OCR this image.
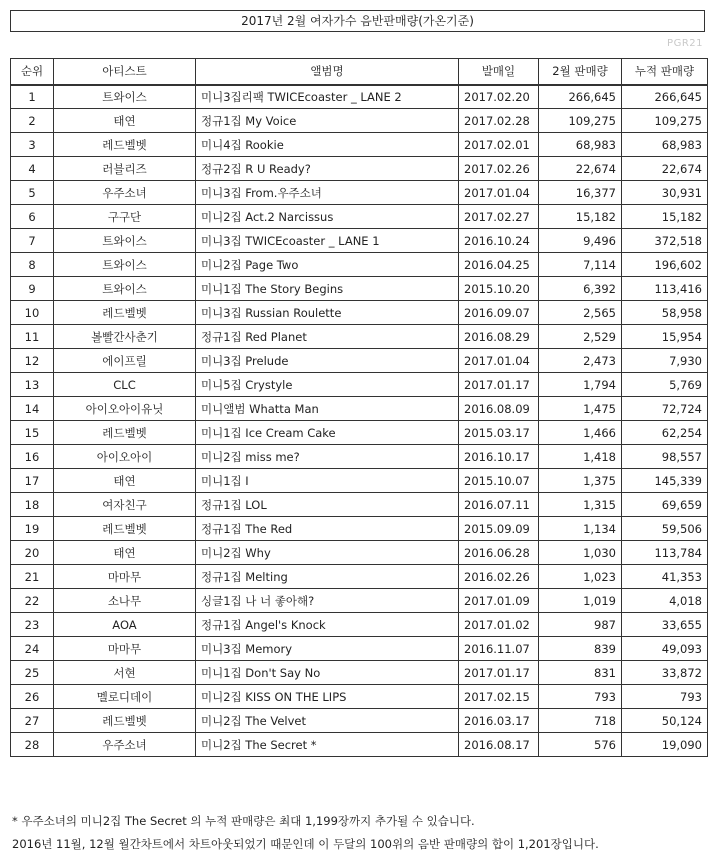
2017년 2월 여자가수 음반판매량(가온기준)
PGR21
순위	아티스트	앨범명	발매일	2월 판매량	누적 판매량
1	트와이스	미니3집리팩 TWICEcoaster _ LANE 2	2017.02.20	266,645	266,645
2	태연	정규1집 My Voice	2017.02.28	109,275	109,275
3	레드벨벳	미니4집 Rookie	2017.02.01	68,983	68,983
4	러블리즈	정규2집 R U Ready?	2017.02.26	22,674	22,674
5	우주소녀	미니3집 From.우주소녀	2017.01.04	16,377	30,931
6	구구단	미니2집 Act.2 Narcissus	2017.02.27	15,182	15,182
7	트와이스	미니3집 TWICEcoaster _ LANE 1	2016.10.24	9,496	372,518
8	트와이스	미니2집 Page Two	2016.04.25	7,114	196,602
9	트와이스	미니1집 The Story Begins	2015.10.20	6,392	113,416
10	레드벨벳	미니3집 Russian Roulette	2016.09.07	2,565	58,958
11	볼빨간사춘기	정규1집 Red Planet	2016.08.29	2,529	15,954
12	에이프릴	미니3집 Prelude	2017.01.04	2,473	7,930
13	CLC	미니5집 Crystyle	2017.01.17	1,794	5,769
14	아이오아이유닛	미니앨범 Whatta Man	2016.08.09	1,475	72,724
15	레드벨벳	미니1집 Ice Cream Cake	2015.03.17	1,466	62,254
16	아이오아이	미니2집 miss me?	2016.10.17	1,418	98,557
17	태연	미니1집 I	2015.10.07	1,375	145,339
18	여자친구	정규1집 LOL	2016.07.11	1,315	69,659
19	레드벨벳	정규1집 The Red	2015.09.09	1,134	59,506
20	태연	미니2집 Why	2016.06.28	1,030	113,784
21	마마무	정규1집 Melting	2016.02.26	1,023	41,353
22	소나무	싱글1집 나 너 좋아해?	2017.01.09	1,019	4,018
23	AOA	정규1집 Angel's Knock	2017.01.02	987	33,655
24	마마무	미니3집 Memory	2016.11.07	839	49,093
25	서현	미니1집 Don't Say No	2017.01.17	831	33,872
26	멜로디데이	미니2집 KISS ON THE LIPS	2017.02.15	793	793
27	레드벨벳	미니2집 The Velvet	2016.03.17	718	50,124
28	우주소녀	미니2집 The Secret *	2016.08.17	576	19,090
* 우주소녀의 미니2집 The Secret 의 누적 판매량은 최대 1,199장까지 추가될 수 있습니다.
2016년 11월, 12월 월간차트에서 차트아웃되었기 때문인데 이 두달의 100위의 음반 판매량의 합이 1,201장입니다.
